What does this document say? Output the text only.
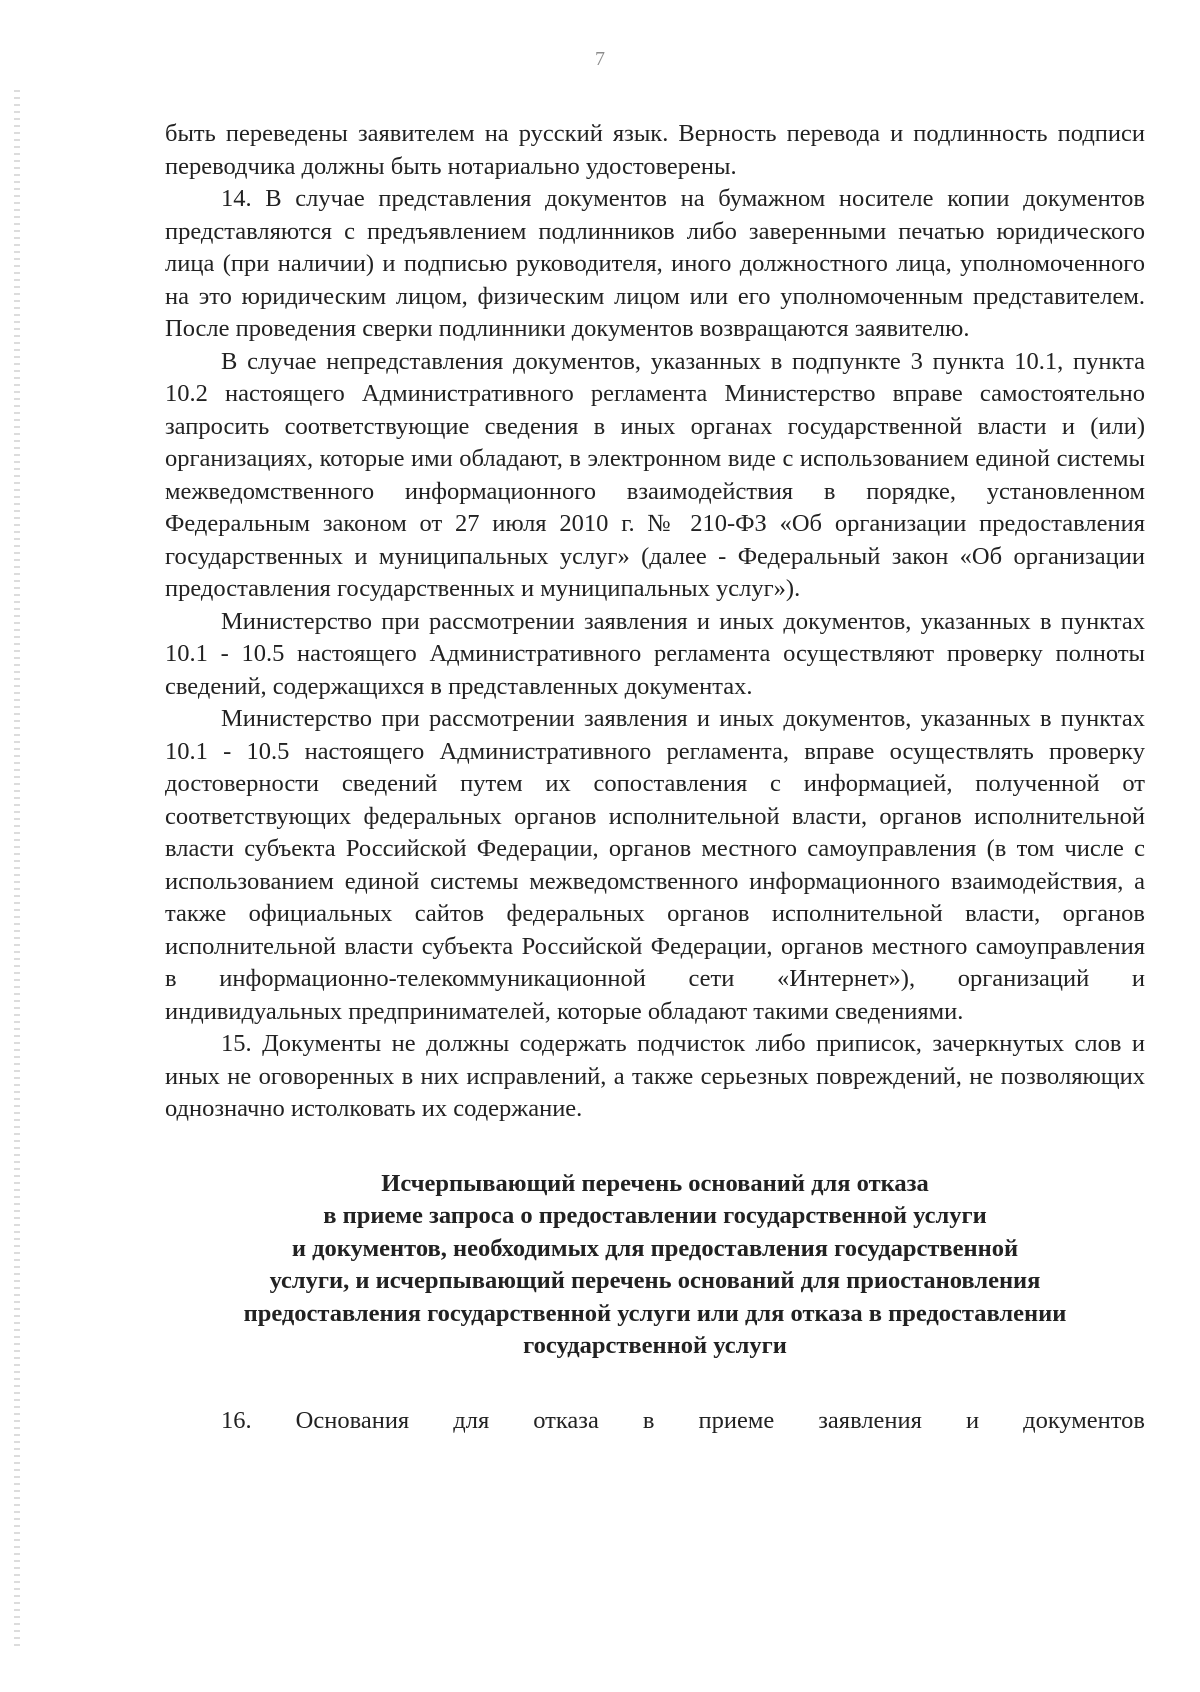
7

быть переведены заявителем на русский язык. Верность перевода и подлинность подписи переводчика должны быть нотариально удостоверены.

14. В случае представления документов на бумажном носителе копии документов представляются с предъявлением подлинников либо заверенными печатью юридического лица (при наличии) и подписью руководителя, иного должностного лица, уполномоченного на это юридическим лицом, физическим лицом или его уполномоченным представителем. После проведения сверки подлинники документов возвращаются заявителю.

В случае непредставления документов, указанных в подпункте 3 пункта 10.1, пункта 10.2 настоящего Административного регламента Министерство вправе самостоятельно запросить соответствующие сведения в иных органах государственной власти и (или) организациях, которые ими обладают, в электронном виде с использованием единой системы межведомственного информационного взаимодействия в порядке, установленном Федеральным законом от 27 июля 2010 г. № 210-ФЗ «Об организации предоставления государственных и муниципальных услуг» (далее - Федеральный закон «Об организации предоставления государственных и муниципальных услуг»).

Министерство при рассмотрении заявления и иных документов, указанных в пунктах 10.1 - 10.5 настоящего Административного регламента осуществляют проверку полноты сведений, содержащихся в представленных документах.

Министерство при рассмотрении заявления и иных документов, указанных в пунктах 10.1 - 10.5 настоящего Административного регламента, вправе осуществлять проверку достоверности сведений путем их сопоставления с информацией, полученной от соответствующих федеральных органов исполнительной власти, органов исполнительной власти субъекта Российской Федерации, органов местного самоуправления (в том числе с использованием единой системы межведомственного информационного взаимодействия, а также официальных сайтов федеральных органов исполнительной власти, органов исполнительной власти субъекта Российской Федерации, органов местного самоуправления в информационно-телекоммуникационной сети «Интернет»), организаций и индивидуальных предпринимателей, которые обладают такими сведениями.

15. Документы не должны содержать подчисток либо приписок, зачеркнутых слов и иных не оговоренных в них исправлений, а также серьезных повреждений, не позволяющих однозначно истолковать их содержание.

Исчерпывающий перечень оснований для отказа
в приеме запроса о предоставлении государственной услуги
и документов, необходимых для предоставления государственной
услуги, и исчерпывающий перечень оснований для приостановления
предоставления государственной услуги или для отказа в предоставлении
государственной услуги

16. Основания для отказа в приеме заявления и документов
